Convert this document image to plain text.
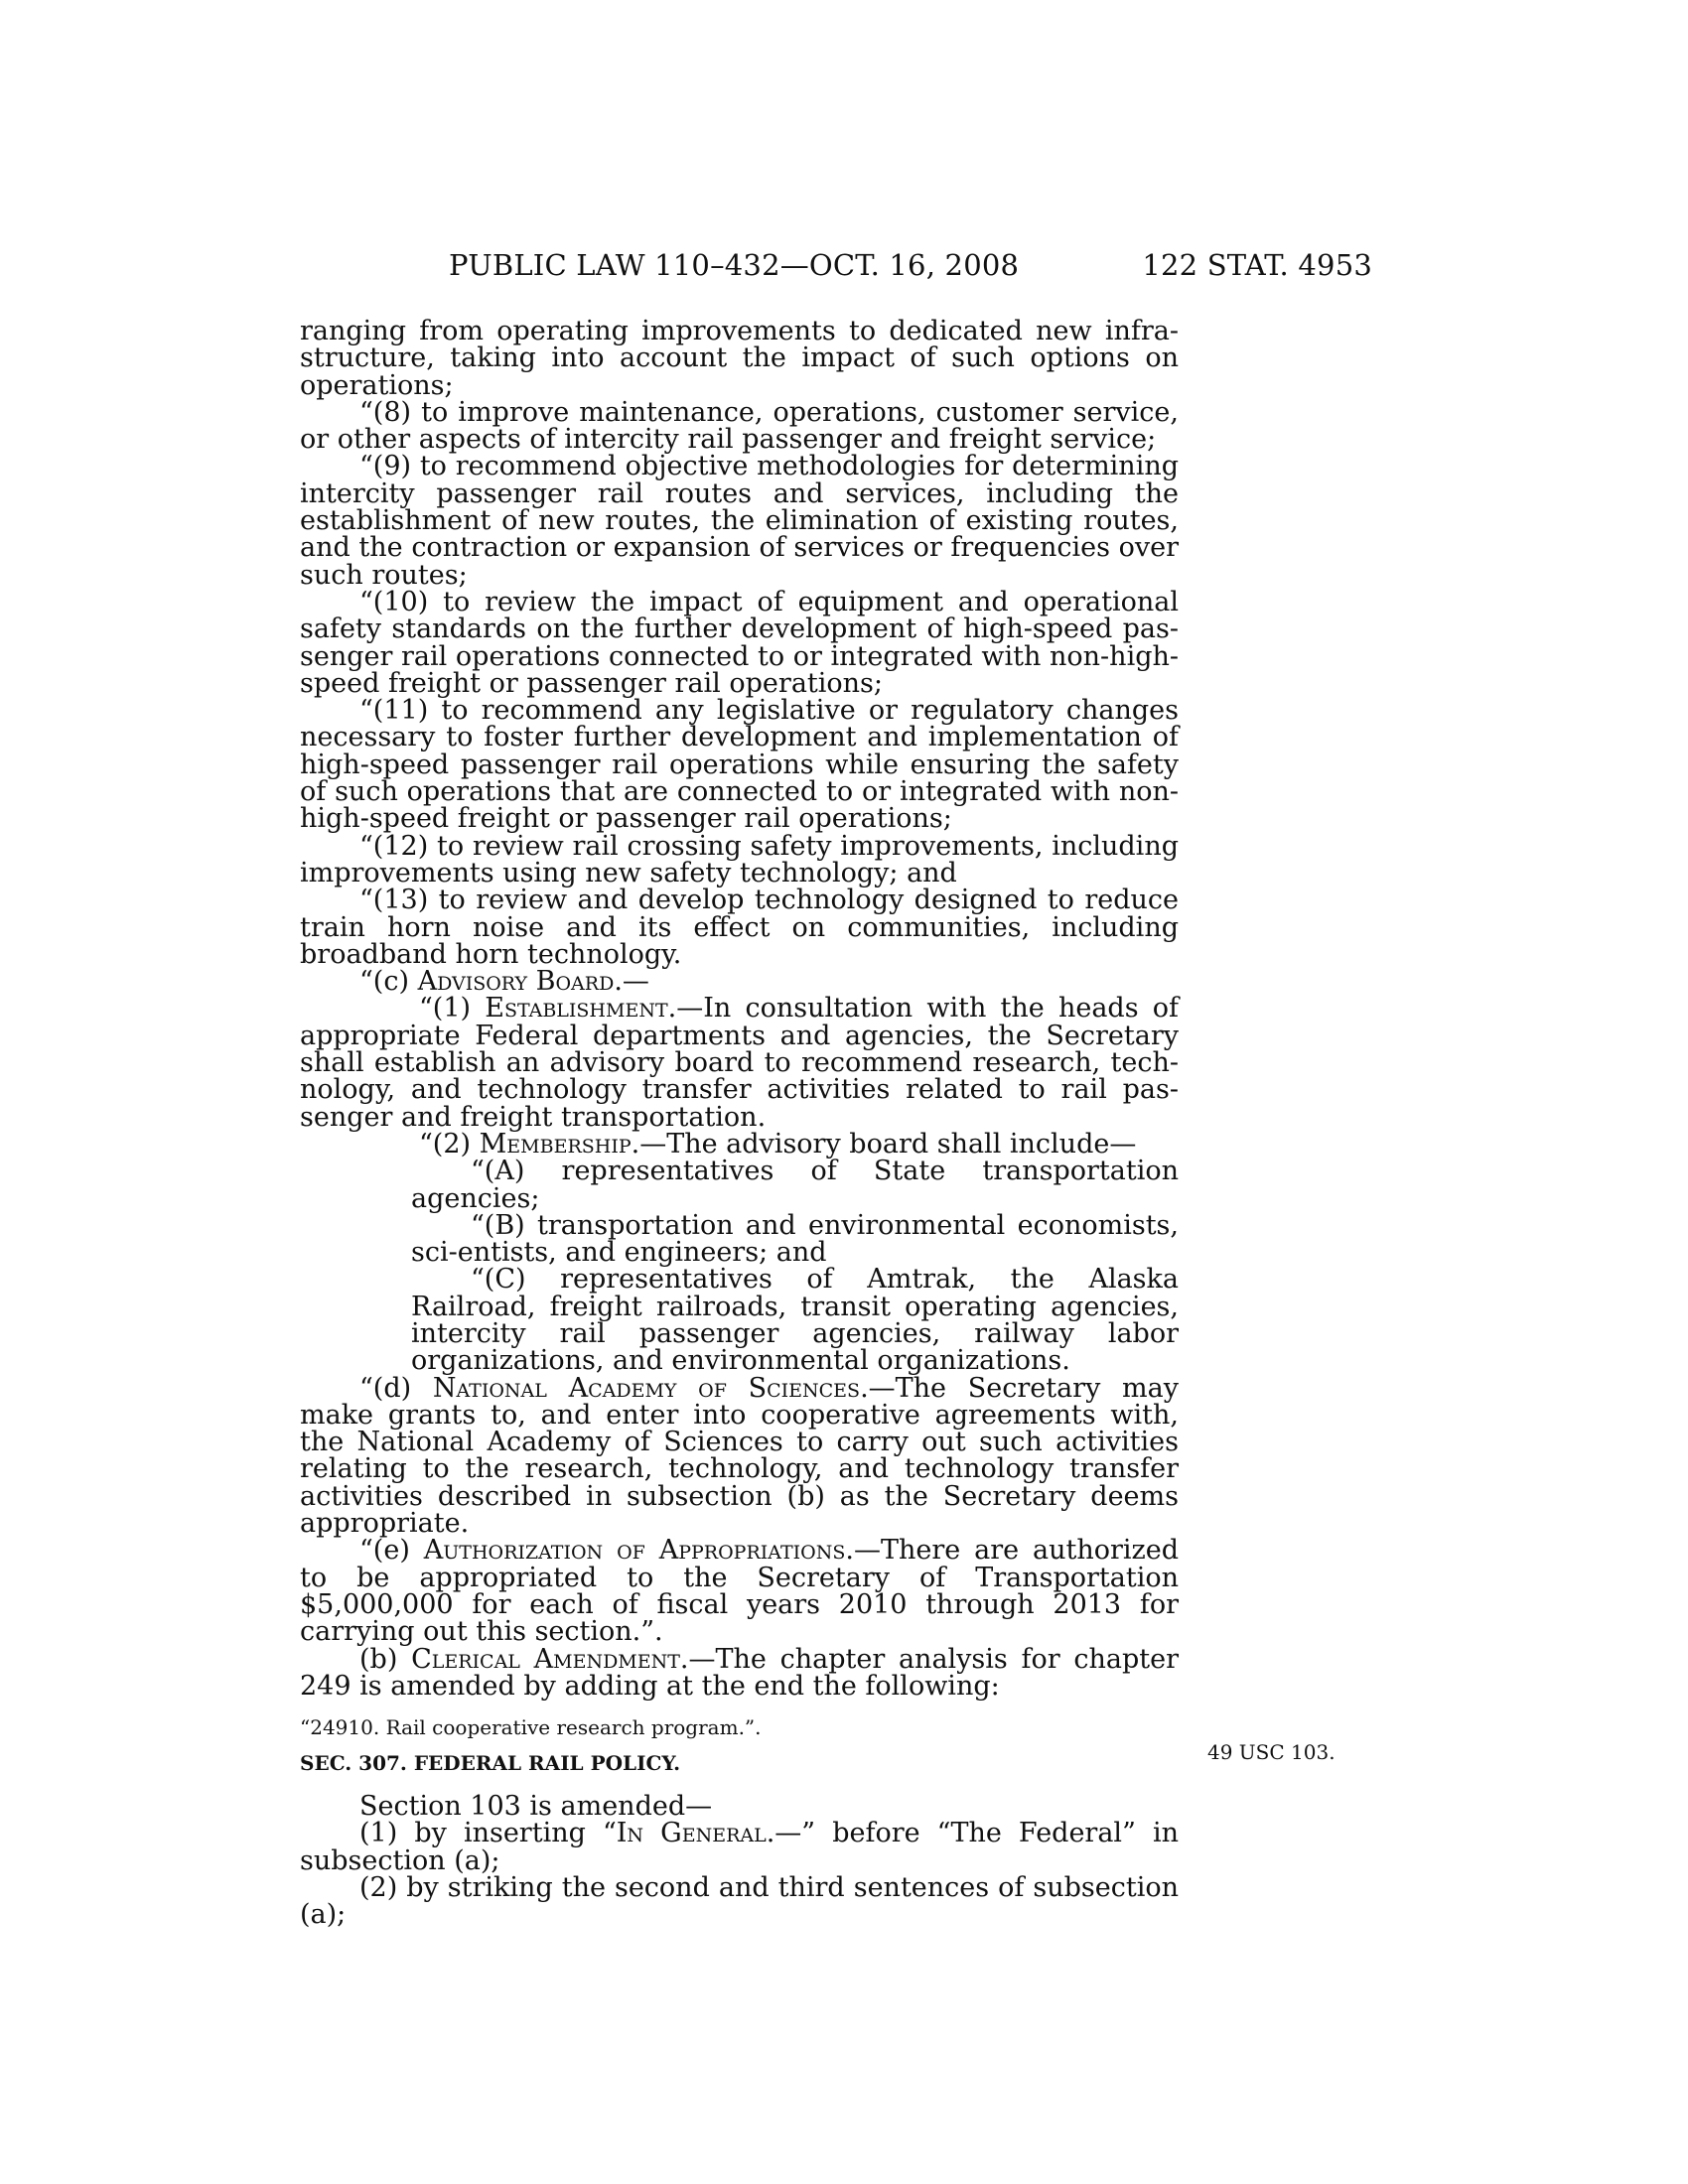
PUBLIC LAW 110–432—OCT. 16, 2008	122 STAT. 4953

ranging from operating improvements to dedicated new infra-structure, taking into account the impact of such options on operations;

“(8) to improve maintenance, operations, customer service, or other aspects of intercity rail passenger and freight service;

“(9) to recommend objective methodologies for determining intercity passenger rail routes and services, including the establishment of new routes, the elimination of existing routes, and the contraction or expansion of services or frequencies over such routes;

“(10) to review the impact of equipment and operational safety standards on the further development of high-speed pas-senger rail operations connected to or integrated with non-high-speed freight or passenger rail operations;

“(11) to recommend any legislative or regulatory changes necessary to foster further development and implementation of high-speed passenger rail operations while ensuring the safety of such operations that are connected to or integrated with non-high-speed freight or passenger rail operations;

“(12) to review rail crossing safety improvements, including improvements using new safety technology; and

“(13) to review and develop technology designed to reduce train horn noise and its effect on communities, including broadband horn technology.

“(c) Advisory Board.—

“(1) Establishment.—In consultation with the heads of appropriate Federal departments and agencies, the Secretary shall establish an advisory board to recommend research, tech-nology, and technology transfer activities related to rail pas-senger and freight transportation.

“(2) Membership.—The advisory board shall include—

“(A) representatives of State transportation agencies;

“(B) transportation and environmental economists, sci-entists, and engineers; and

“(C) representatives of Amtrak, the Alaska Railroad, freight railroads, transit operating agencies, intercity rail passenger agencies, railway labor organizations, and environmental organizations.

“(d) National Academy of Sciences.—The Secretary may make grants to, and enter into cooperative agreements with, the National Academy of Sciences to carry out such activities relating to the research, technology, and technology transfer activities described in subsection (b) as the Secretary deems appropriate.

“(e) Authorization of Appropriations.—There are authorized to be appropriated to the Secretary of Transportation $5,000,000 for each of fiscal years 2010 through 2013 for carrying out this section.”.

(b) Clerical Amendment.—The chapter analysis for chapter 249 is amended by adding at the end the following:

“24910. Rail cooperative research program.”.

SEC. 307. FEDERAL RAIL POLICY.

Section 103 is amended—

(1) by inserting “In General.—” before “The Federal” in subsection (a);

(2) by striking the second and third sentences of subsection (a);

49 USC 103.
